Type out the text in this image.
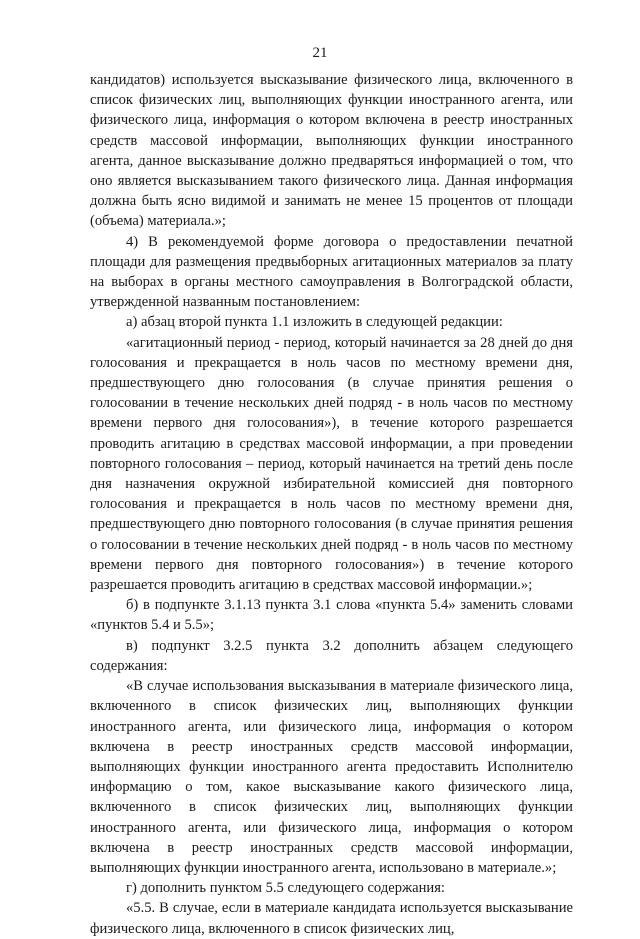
21

кандидатов) используется высказывание физического лица, включенного в список физических лиц, выполняющих функции иностранного агента, или физического лица, информация о котором включена в реестр иностранных средств массовой информации, выполняющих функции иностранного агента, данное высказывание должно предваряться информацией о том, что оно является высказыванием такого физического лица. Данная информация должна быть ясно видимой и занимать не менее 15 процентов от площади (объема) материала.»;

4) В рекомендуемой форме договора о предоставлении печатной площади для размещения предвыборных агитационных материалов за плату на выборах в органы местного самоуправления в Волгоградской области, утвержденной названным постановлением:

а) абзац второй пункта 1.1 изложить в следующей редакции:

«агитационный период - период, который начинается за 28 дней до дня голосования и прекращается в ноль часов по местному времени дня, предшествующего дню голосования (в случае принятия решения о голосовании в течение нескольких дней подряд - в ноль часов по местному времени первого дня голосования»), в течение которого разрешается проводить агитацию в средствах массовой информации, а при проведении повторного голосования – период, который начинается на третий день после дня назначения окружной избирательной комиссией дня повторного голосования и прекращается в ноль часов по местному времени дня, предшествующего дню повторного голосования (в случае принятия решения о голосовании в течение нескольких дней подряд - в ноль часов по местному времени первого дня повторного голосования») в течение которого разрешается проводить агитацию в средствах массовой информации.»;

б) в подпункте 3.1.13 пункта 3.1 слова «пункта 5.4» заменить словами «пунктов 5.4 и 5.5»;

в) подпункт 3.2.5 пункта 3.2 дополнить абзацем следующего содержания:

«В случае использования высказывания в материале физического лица, включенного в список физических лиц, выполняющих функции иностранного агента, или физического лица, информация о котором включена в реестр иностранных средств массовой информации, выполняющих функции иностранного агента предоставить Исполнителю информацию о том, какое высказывание какого физического лица, включенного в список физических лиц, выполняющих функции иностранного агента, или физического лица, информация о котором включена в реестр иностранных средств массовой информации, выполняющих функции иностранного агента, использовано в материале.»;

г) дополнить пунктом 5.5 следующего содержания:

«5.5. В случае, если в материале кандидата используется высказывание физического лица, включенного в список физических лиц,
